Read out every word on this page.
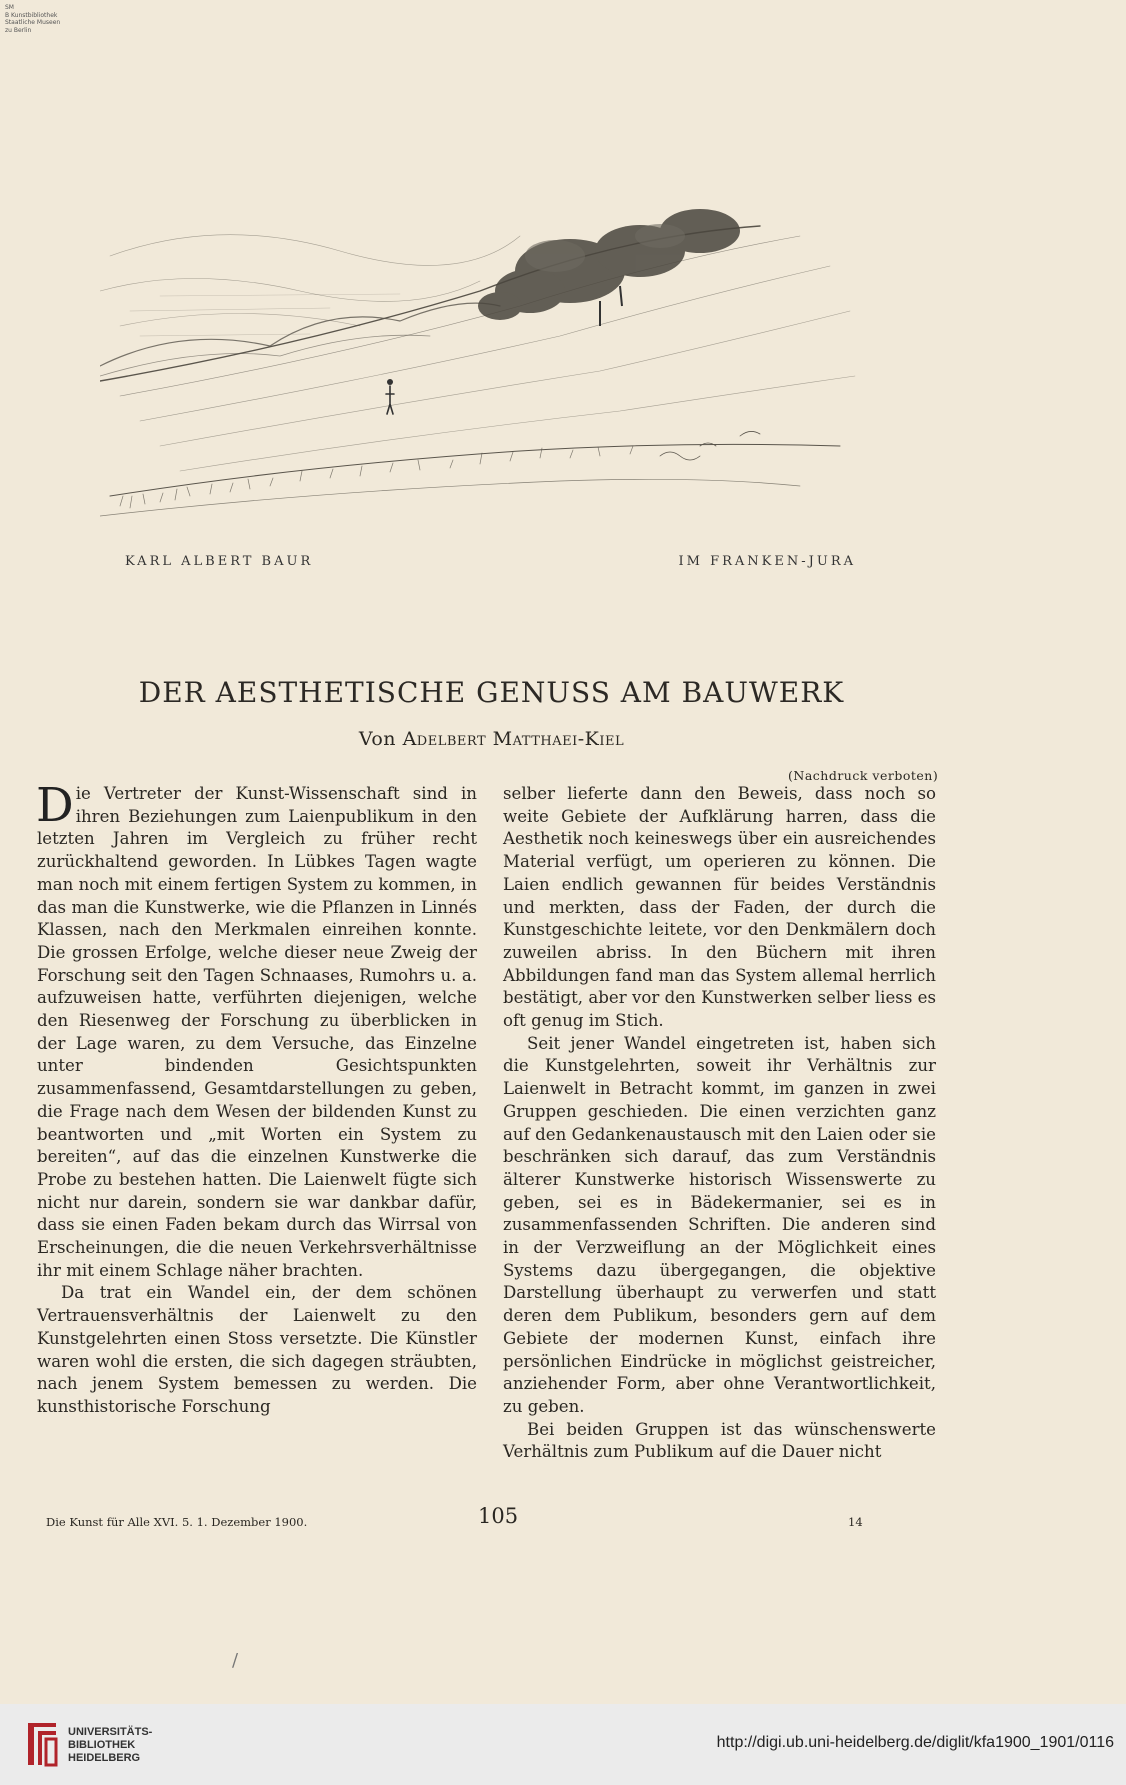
SM
B Kunstbibliothek
Staatliche Museen
zu Berlin
KARL ALBERT BAUR	IM FRANKEN-JURA
DER AESTHETISCHE GENUSS AM BAUWERK
Von Adelbert Matthaei-Kiel
(Nachdruck verboten)

Die Vertreter der Kunst-Wissenschaft sind in ihren Beziehungen zum Laienpublikum in den letzten Jahren im Vergleich zu früher recht zurückhaltend geworden. In Lübkes Tagen wagte man noch mit einem fertigen System zu kommen, in das man die Kunstwerke, wie die Pflanzen in Linnés Klassen, nach den Merkmalen einreihen konnte. Die grossen Erfolge, welche dieser neue Zweig der Forschung seit den Tagen Schnaases, Rumohrs u. a. aufzuweisen hatte, verführten diejenigen, welche den Riesenweg der Forschung zu überblicken in der Lage waren, zu dem Versuche, das Einzelne unter bindenden Gesichtspunkten zusammenfassend, Gesamtdarstellungen zu geben, die Frage nach dem Wesen der bildenden Kunst zu beantworten und „mit Worten ein System zu bereiten“, auf das die einzelnen Kunstwerke die Probe zu bestehen hatten. Die Laienwelt fügte sich nicht nur darein, sondern sie war dankbar dafür, dass sie einen Faden bekam durch das Wirrsal von Erscheinungen, die die neuen Verkehrsverhältnisse ihr mit einem Schlage näher brachten.

Da trat ein Wandel ein, der dem schönen Vertrauensverhältnis der Laienwelt zu den Kunstgelehrten einen Stoss versetzte. Die Künstler waren wohl die ersten, die sich dagegen sträubten, nach jenem System bemessen zu werden. Die kunsthistorische Forschung

selber lieferte dann den Beweis, dass noch so weite Gebiete der Aufklärung harren, dass die Aesthetik noch keineswegs über ein ausreichendes Material verfügt, um operieren zu können. Die Laien endlich gewannen für beides Verständnis und merkten, dass der Faden, der durch die Kunstgeschichte leitete, vor den Denkmälern doch zuweilen abriss. In den Büchern mit ihren Abbildungen fand man das System allemal herrlich bestätigt, aber vor den Kunstwerken selber liess es oft genug im Stich.

Seit jener Wandel eingetreten ist, haben sich die Kunstgelehrten, soweit ihr Verhältnis zur Laienwelt in Betracht kommt, im ganzen in zwei Gruppen geschieden. Die einen verzichten ganz auf den Gedankenaustausch mit den Laien oder sie beschränken sich darauf, das zum Verständnis älterer Kunstwerke historisch Wissenswerte zu geben, sei es in Bädekermanier, sei es in zusammenfassenden Schriften. Die anderen sind in der Verzweiflung an der Möglichkeit eines Systems dazu übergegangen, die objektive Darstellung überhaupt zu verwerfen und statt deren dem Publikum, besonders gern auf dem Gebiete der modernen Kunst, einfach ihre persönlichen Eindrücke in möglichst geistreicher, anziehender Form, aber ohne Verantwortlichkeit, zu geben.

Bei beiden Gruppen ist das wünschenswerte Verhältnis zum Publikum auf die Dauer nicht

Die Kunst für Alle XVI. 5. 1. Dezember 1900.	105	14
/
UNIVERSITÄTS-
BIBLIOTHEK
HEIDELBERG
http://digi.ub.uni-heidelberg.de/diglit/kfa1900_1901/0116
